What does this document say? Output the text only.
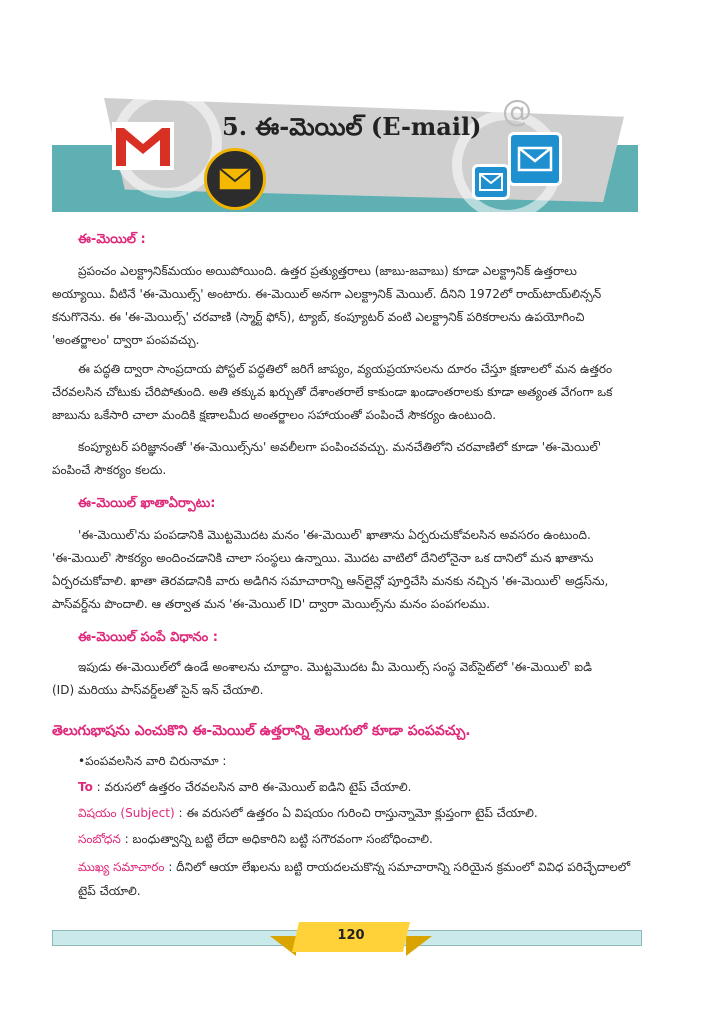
@
5. ఈ-మెయిల్ (E-mail)
ఈ-మెయిల్ :
ప్రపంచం ఎలక్ట్రానిక్‌మయం అయిపోయింది. ఉత్తర ప్రత్యుత్తరాలు (జాబు-జవాబు) కూడా ఎలక్ట్రానిక్ ఉత్తరాలు
అయ్యాయి. వీటినే 'ఈ-మెయిల్స్' అంటారు. ఈ-మెయిల్ అనగా ఎలక్ట్రానిక్ మెయిల్. దీనిని 1972లో రాయ్‌టాయ్‌లిన్సన్
కనుగొనెను. ఈ 'ఈ-మెయిల్స్' చరవాణి (స్మార్ట్ ఫోన్), ట్యాబ్, కంప్యూటర్ వంటి ఎలక్ట్రానిక్ పరికరాలను ఉపయోగించి
'అంతర్జాలం' ద్వారా పంపవచ్చు.
ఈ పద్ధతి ద్వారా సాంప్రదాయ పోస్టల్ పద్ధతిలో జరిగే జాప్యం, వ్యయప్రయాసలను దూరం చేస్తూ క్షణాలలో మన ఉత్తరం
చేరవలసిన చోటుకు చేరిపోతుంది. అతి తక్కువ ఖర్చుతో దేశాంతరాలే కాకుండా ఖండాంతరాలకు కూడా అత్యంత వేగంగా ఒక
జాబును ఒకేసారి చాలా మందికి క్షణాలమీద అంతర్జాలం సహాయంతో పంపించే సౌకర్యం ఉంటుంది.
కంప్యూటర్ పరిజ్ఞానంతో 'ఈ-మెయిల్స్‌ను' అవలీలగా పంపించవచ్చు. మనచేతిలోని చరవాణిలో కూడా 'ఈ-మెయిల్'
పంపించే సౌకర్యం కలదు.
ఈ-మెయిల్ ఖాతాఏర్పాటు:
'ఈ-మెయిల్'ను పంపడానికి మొట్టమొదట మనం 'ఈ-మెయిల్' ఖాతాను ఏర్పరుచుకోవలసిన అవసరం ఉంటుంది.
'ఈ-మెయిల్' సౌకర్యం అందించడానికి చాలా సంస్థలు ఉన్నాయి. మొదట వాటిలో దేనిలోనైనా ఒక దానిలో మన ఖాతాను
ఏర్పరచుకోవాలి. ఖాతా తెరవడానికి వారు అడిగిన సమాచారాన్ని ఆన్‌లైన్లో పూర్తిచేసి మనకు నచ్చిన 'ఈ-మెయిల్' అడ్రస్‌ను,
పాస్‌వర్డ్‌ను పొందాలి. ఆ తర్వాత మన 'ఈ-మెయిల్ ID' ద్వారా మెయిల్స్‌ను మనం పంపగలము.
ఈ-మెయిల్ పంపే విధానం :
ఇపుడు ఈ-మెయిల్‌లో ఉండే అంశాలను చూద్దాం. మొట్టమొదట మీ మెయిల్స్ సంస్థ వెబ్‌సైట్‌లో 'ఈ-మెయిల్' ఐడి
(ID) మరియు పాస్‌వర్డ్‌లతో సైన్ ఇన్ చేయాలి.
తెలుగుభాషను ఎంచుకొని ఈ-మెయిల్ ఉత్తరాన్ని తెలుగులో కూడా పంపవచ్చు.
•పంపవలసిన వారి చిరునామా :
To : వరుసలో ఉత్తరం చేరవలసిన వారి ఈ-మెయిల్ ఐడిని టైప్ చేయాలి.
విషయం (Subject) : ఈ వరుసలో ఉత్తరం ఏ విషయం గురించి రాస్తున్నామో క్లుప్తంగా టైప్ చేయాలి.
సంబోధన : బంధుత్వాన్ని బట్టి లేదా అధికారిని బట్టి సగౌరవంగా సంబోధించాలి.
ముఖ్య సమాచారం : దీనిలో ఆయా లేఖలను బట్టి రాయదలచుకొన్న సమాచారాన్ని సరియైన క్రమంలో వివిధ పరిచ్ఛేదాలలో
టైప్ చేయాలి.
120
